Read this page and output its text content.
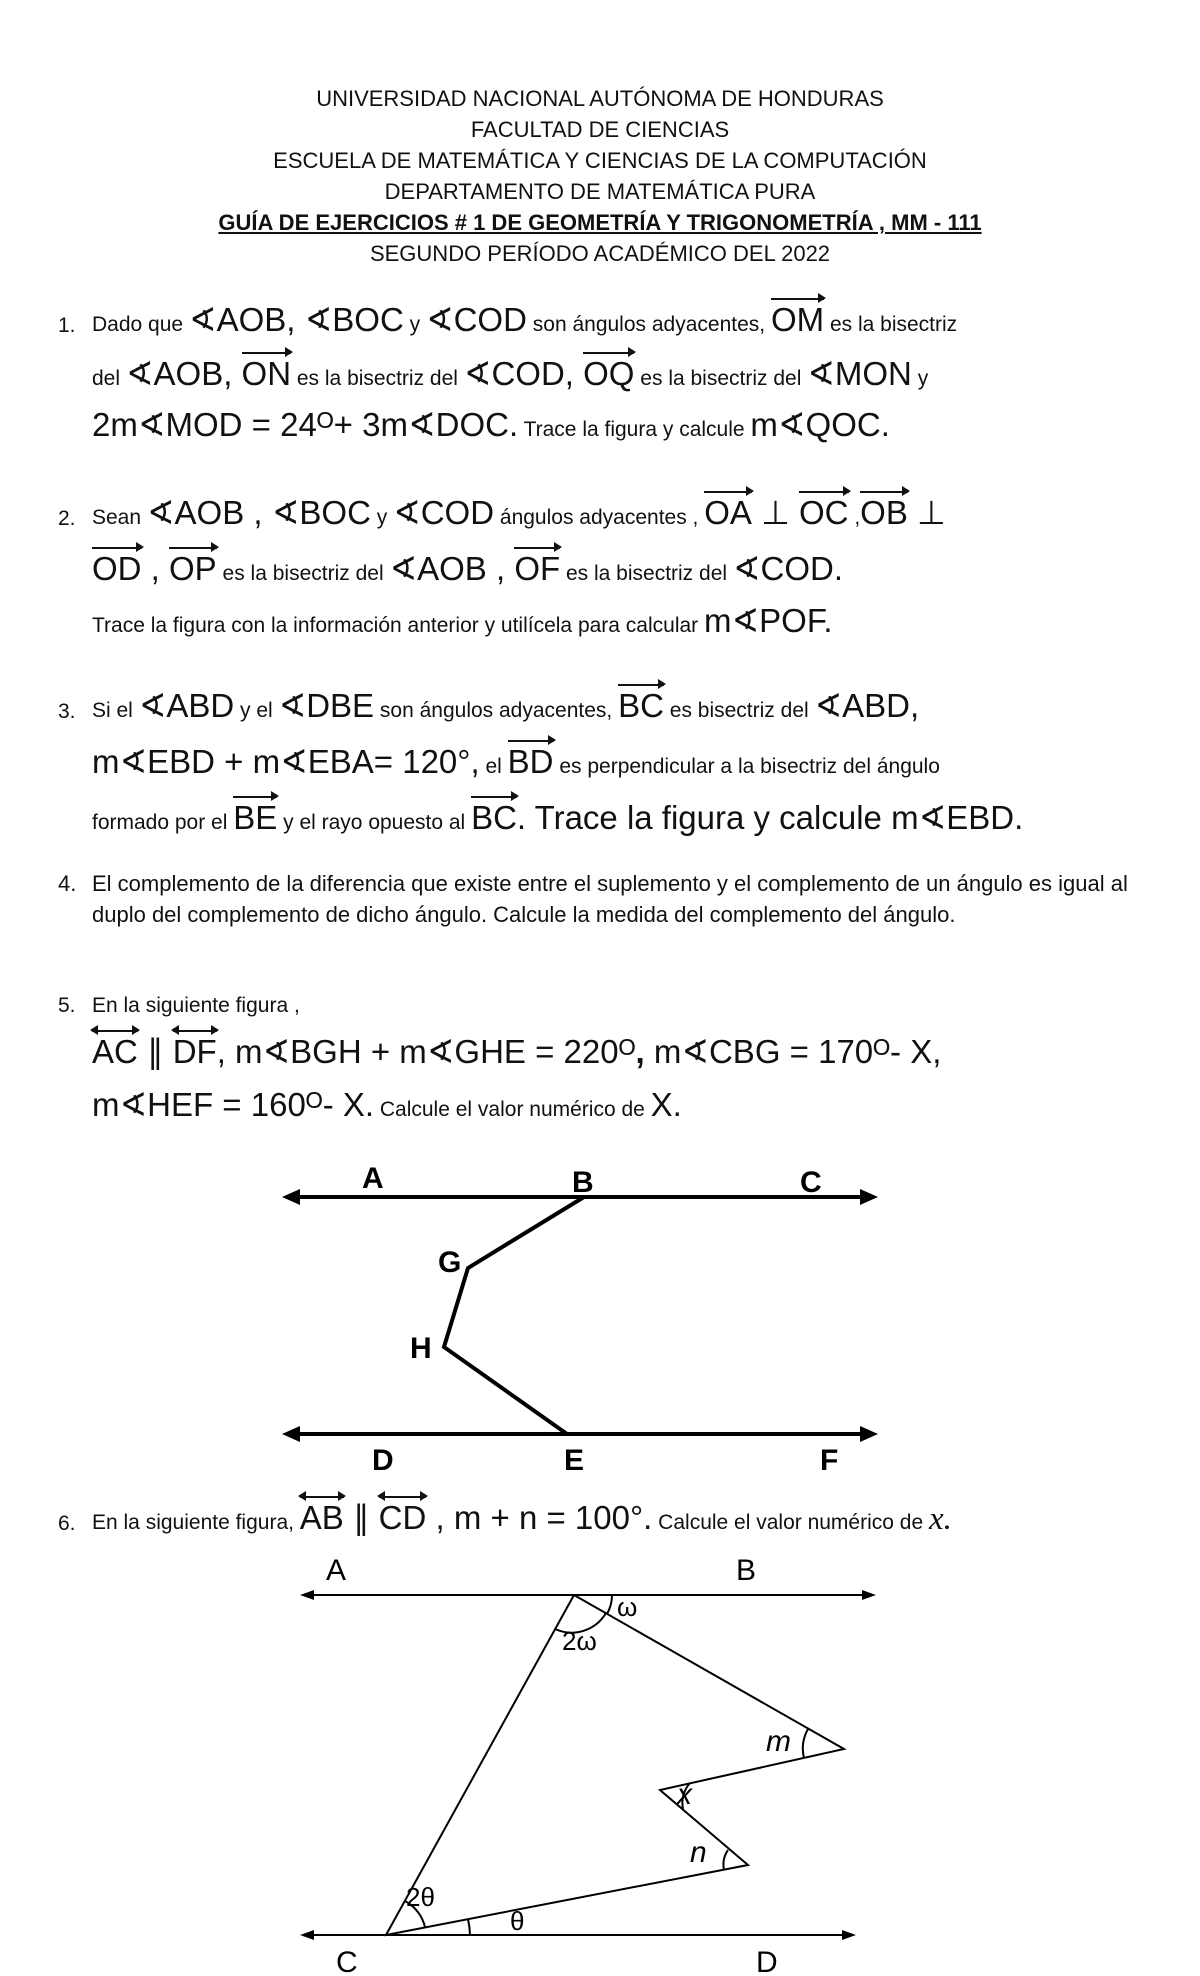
UNIVERSIDAD NACIONAL AUTÓNOMA DE HONDURAS
FACULTAD DE CIENCIAS
ESCUELA DE MATEMÁTICA Y CIENCIAS DE LA COMPUTACIÓN
DEPARTAMENTO DE MATEMÁTICA PURA
GUÍA DE EJERCICIOS # 1 DE GEOMETRÍA Y TRIGONOMETRÍA , MM - 111
SEGUNDO PERÍODO ACADÉMICO DEL 2022
1. Dado que ∢AOB, ∢BOC y ∢COD son ángulos adyacentes, OM es la bisectriz
del ∢AOB, ON es la bisectriz del ∢COD, OQ es la bisectriz del ∢MON y
2m∢MOD = 24ᴼ+ 3m∢DOC. Trace la figura y calcule m∢QOC.
2. Sean ∢AOB , ∢BOC y ∢COD ángulos adyacentes , OA ⊥ OC ,OB ⊥
OD , OP es la bisectriz del ∢AOB , OF es la bisectriz del ∢COD.
Trace la figura con la información anterior y utilícela para calcular m∢POF.
3. Si el ∢ABD y el ∢DBE son ángulos adyacentes, BC es bisectriz del ∢ABD,
m∢EBD + m∢EBA= 120°, el BD es perpendicular a la bisectriz del ángulo
formado por el BE y el rayo opuesto al BC. Trace la figura y calcule m∢EBD.
4. El complemento de la diferencia que existe entre el suplemento y el complemento de un ángulo es igual al duplo del complemento de dicho ángulo. Calcule la medida del complemento del ángulo.
5. En la siguiente figura ,
AC
∥ DF
, m∢BGH + m∢GHE = 220ᴼ, m∢CBG = 170ᴼ- X,
m∢HEF = 160ᴼ- X. Calcule el valor numérico de X.
A	B	C
G
H
D	E	F
6. En la siguiente figura, AB
∥ CD
, m + n = 100°. Calcule el valor numérico de x.
A	B
C	D
ω
2ω
m
x
n
2θ
θ
